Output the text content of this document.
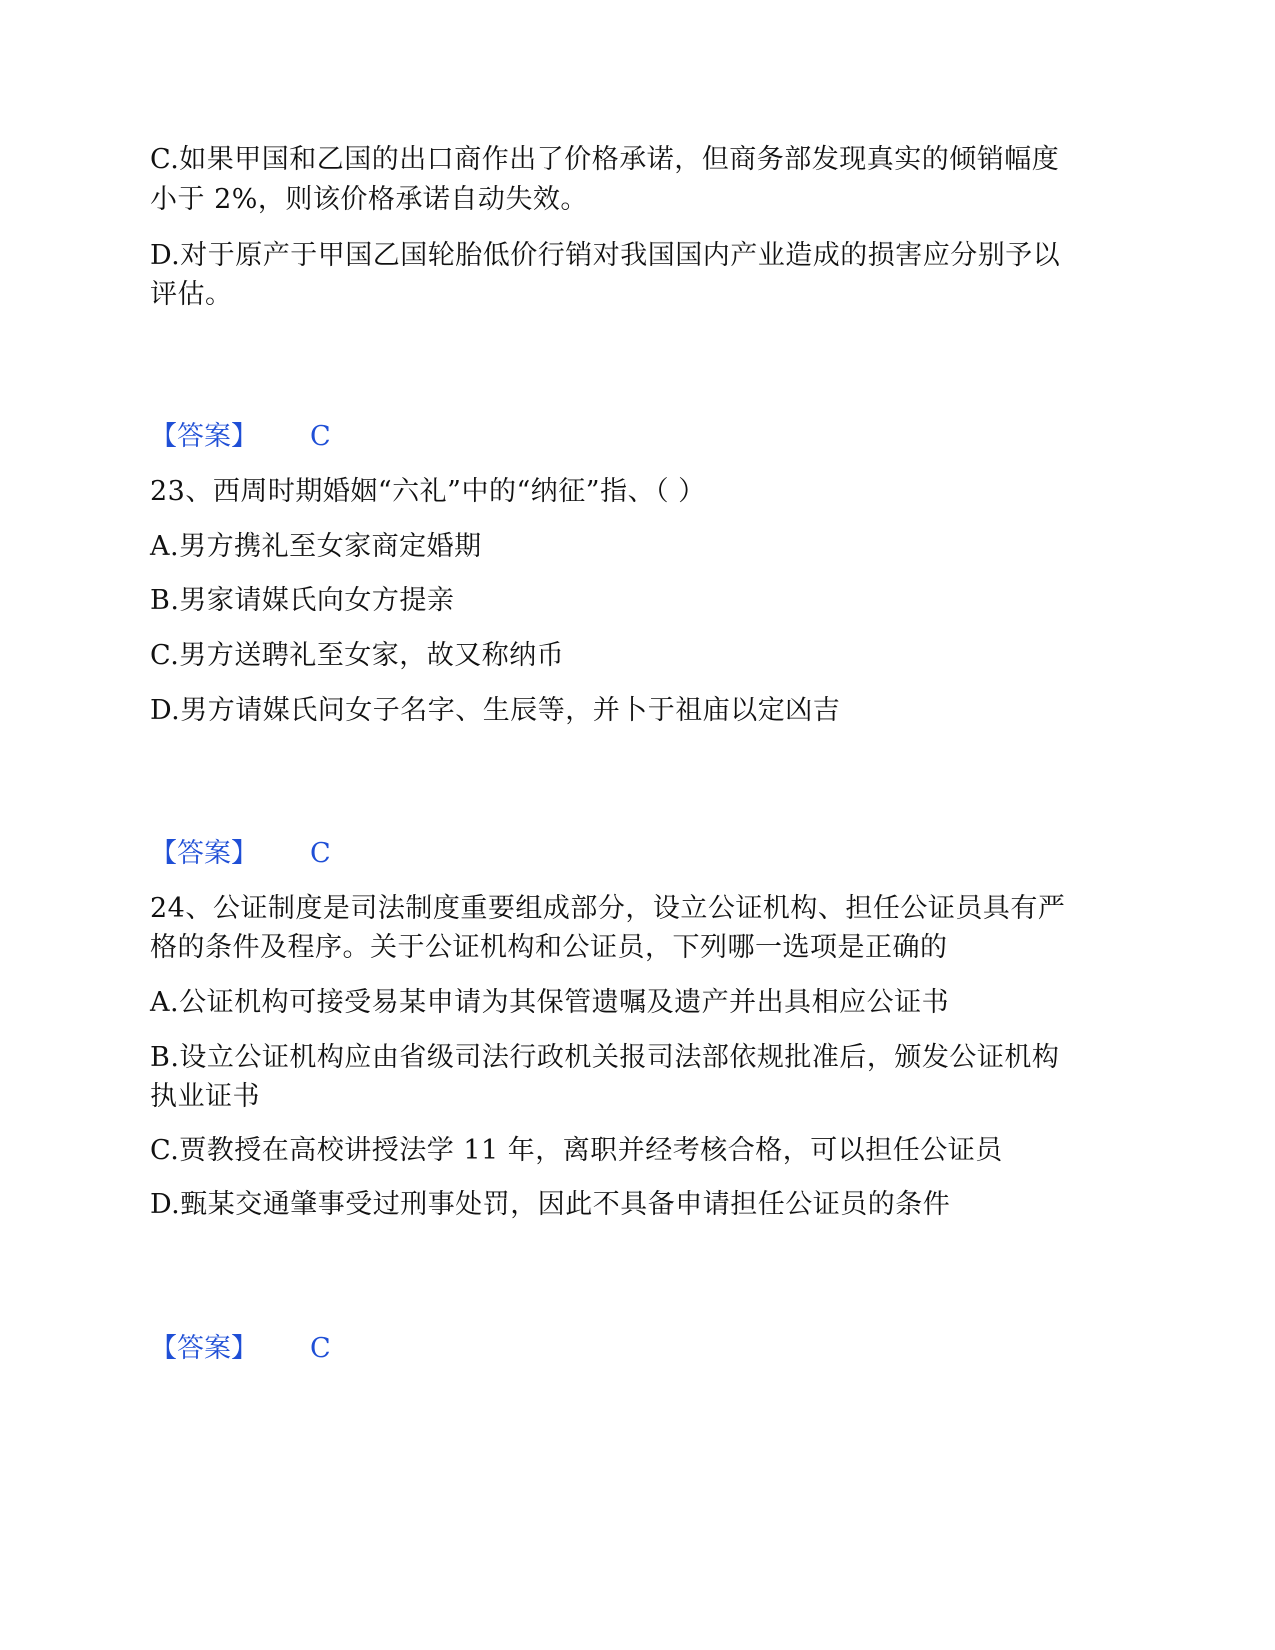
C.如果甲国和乙国的出口商作出了价格承诺，但商务部发现真实的倾销幅度
小于 2%，则该价格承诺自动失效。
D.对于原产于甲国乙国轮胎低价行销对我国国内产业造成的损害应分别予以
评估。
【答案】 C
23、西周时期婚姻“六礼”中的“纳征”指、（ ）
A.男方携礼至女家商定婚期
B.男家请媒氏向女方提亲
C.男方送聘礼至女家，故又称纳币
D.男方请媒氏问女子名字、生辰等，并卜于祖庙以定凶吉
【答案】 C
24、公证制度是司法制度重要组成部分，设立公证机构、担任公证员具有严
格的条件及程序。关于公证机构和公证员，下列哪一选项是正确的
A.公证机构可接受易某申请为其保管遗嘱及遗产并出具相应公证书
B.设立公证机构应由省级司法行政机关报司法部依规批准后，颁发公证机构
执业证书
C.贾教授在高校讲授法学 11 年，离职并经考核合格，可以担任公证员
D.甄某交通肇事受过刑事处罚，因此不具备申请担任公证员的条件
【答案】 C
